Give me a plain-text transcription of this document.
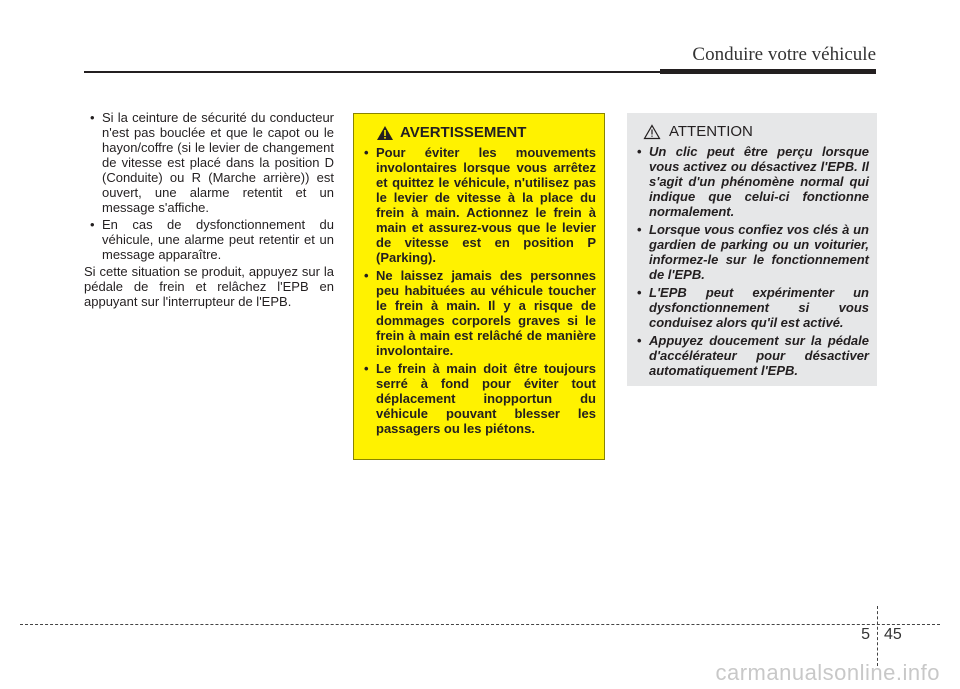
Conduire votre véhicule
• Si la ceinture de sécurité du conducteur n'est pas bouclée et que le capot ou le hayon/coffre (si le levier de changement de vitesse est placé dans la position D (Conduite) ou R (Marche arrière)) est ouvert, une alarme retentit et un message s'affiche.
• En cas de dysfonctionnement du véhicule, une alarme peut retentir et un message apparaître.
Si cette situation se produit, appuyez sur la pédale de frein et relâchez l'EPB en appuyant sur l'interrupteur de l'EPB.
AVERTISSEMENT
• Pour éviter les mouvements involontaires lorsque vous arrêtez et quittez le véhicule, n'utilisez pas le levier de vitesse à la place du frein à main. Actionnez le frein à main et assurez-vous que le levier de vitesse est en position P (Parking).
• Ne laissez jamais des personnes peu habituées au véhicule toucher le frein à main. Il y a risque de dommages corporels graves si le frein à main est relâché de manière involontaire.
• Le frein à main doit être toujours serré à fond pour éviter tout déplacement inopportun du véhicule pouvant blesser les passagers ou les piétons.
ATTENTION
• Un clic peut être perçu lorsque vous activez ou désactivez l'EPB. Il s'agit d'un phénomène normal qui indique que celui-ci fonctionne normalement.
• Lorsque vous confiez vos clés à un gardien de parking ou un voiturier, informez-le sur le fonctionnement de l'EPB.
• L'EPB peut expérimenter un dysfonctionnement si vous conduisez alors qu'il est activé.
• Appuyez doucement sur la pédale d'accélérateur pour désactiver automatiquement l'EPB.
5 45
carmanualsonline.info
